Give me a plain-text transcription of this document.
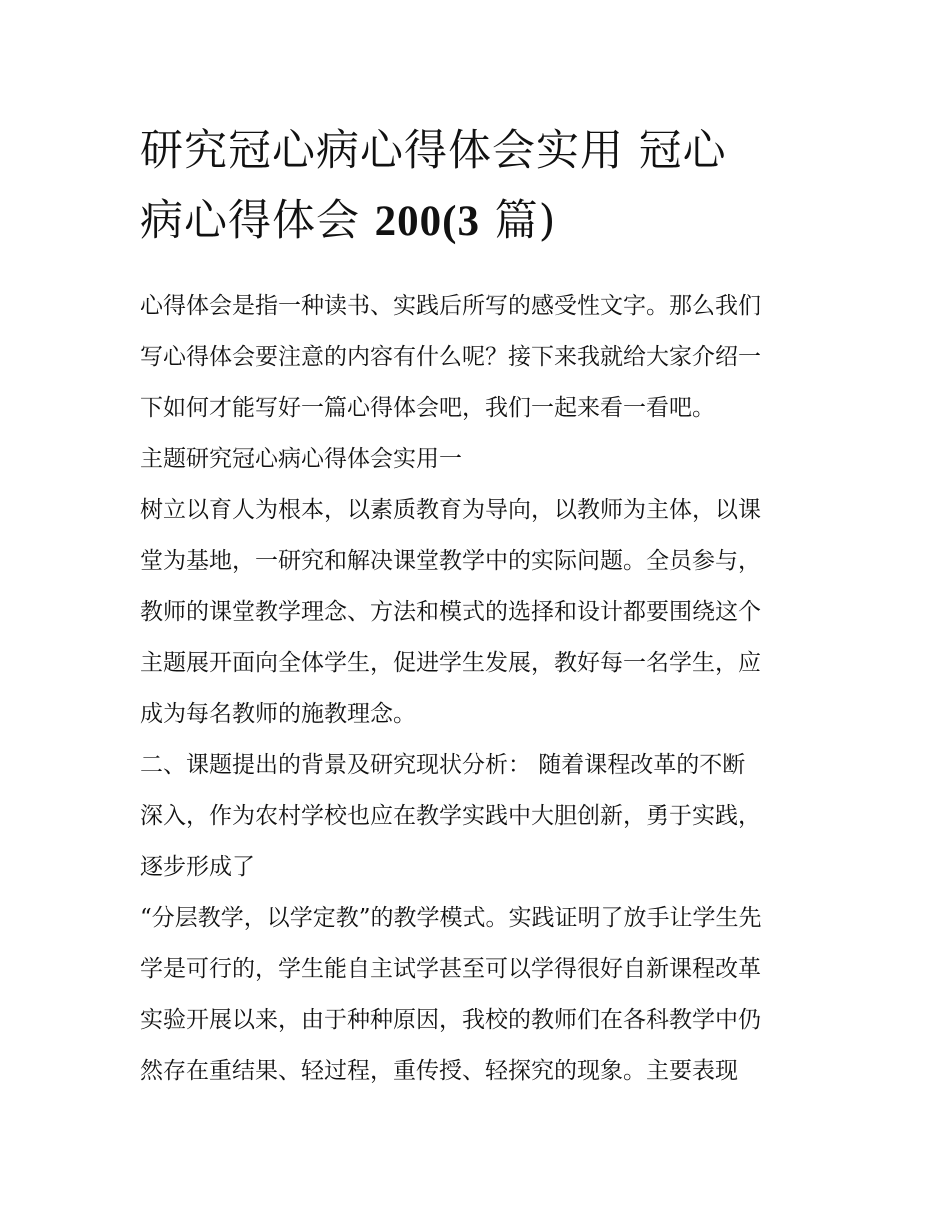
研究冠心病心得体会实用 冠心
病心得体会 200(3 篇)

心得体会是指一种读书、实践后所写的感受性文字。那么我们
写心得体会要注意的内容有什么呢？接下来我就给大家介绍一
下如何才能写好一篇心得体会吧，我们一起来看一看吧。

主题研究冠心病心得体会实用一

树立以育人为根本，以素质教育为导向，以教师为主体，以课
堂为基地，一研究和解决课堂教学中的实际问题。全员参与，
教师的课堂教学理念、方法和模式的选择和设计都要围绕这个
主题展开面向全体学生，促进学生发展，教好每一名学生，应
成为每名教师的施教理念。

二、课题提出的背景及研究现状分析： 随着课程改革的不断
深入，作为农村学校也应在教学实践中大胆创新，勇于实践，
逐步形成了

“分层教学，以学定教”的教学模式。实践证明了放手让学生先
学是可行的，学生能自主试学甚至可以学得很好自新课程改革
实验开展以来，由于种种原因，我校的教师们在各科教学中仍
然存在重结果、轻过程，重传授、轻探究的现象。主要表现
